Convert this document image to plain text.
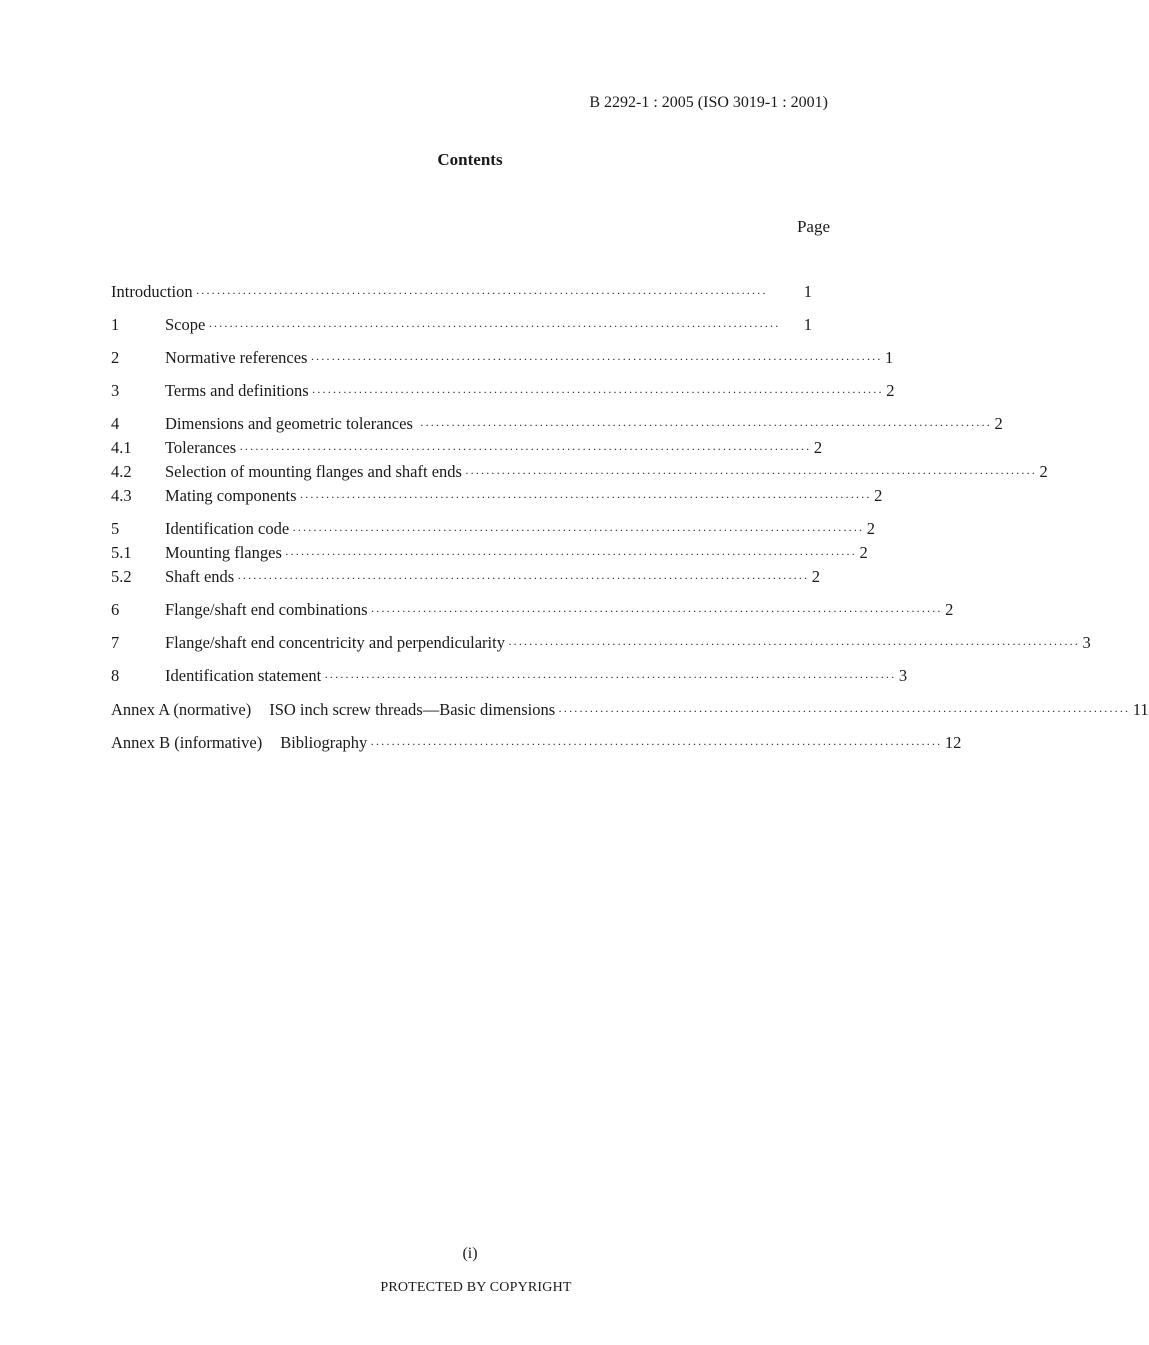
B 2292-1 : 2005 (ISO 3019-1 : 2001)
Contents
Page
Introduction ··············································································································	1
1	Scope ··············································································································	1
2	Normative references ·············································································································· 1
3	Terms and definitions ·············································································································· 2
4	Dimensions and geometric tolerances ·············································································································· 2
4.1	Tolerances ·············································································································· 2
4.2	Selection of mounting flanges and shaft ends ·············································································································· 2
4.3	Mating components ·············································································································· 2
5	Identification code ·············································································································· 2
5.1	Mounting flanges ·············································································································· 2
5.2	Shaft ends ·············································································································· 2
6	Flange/shaft end combinations ·············································································································· 2
7	Flange/shaft end concentricity and perpendicularity ·············································································································· 3
8	Identification statement ·············································································································· 3
Annex A (normative)	ISO inch screw threads—Basic dimensions ·············································································································· 11
Annex B (informative)	Bibliography ·············································································································· 12
(i)
PROTECTED BY COPYRIGHT
